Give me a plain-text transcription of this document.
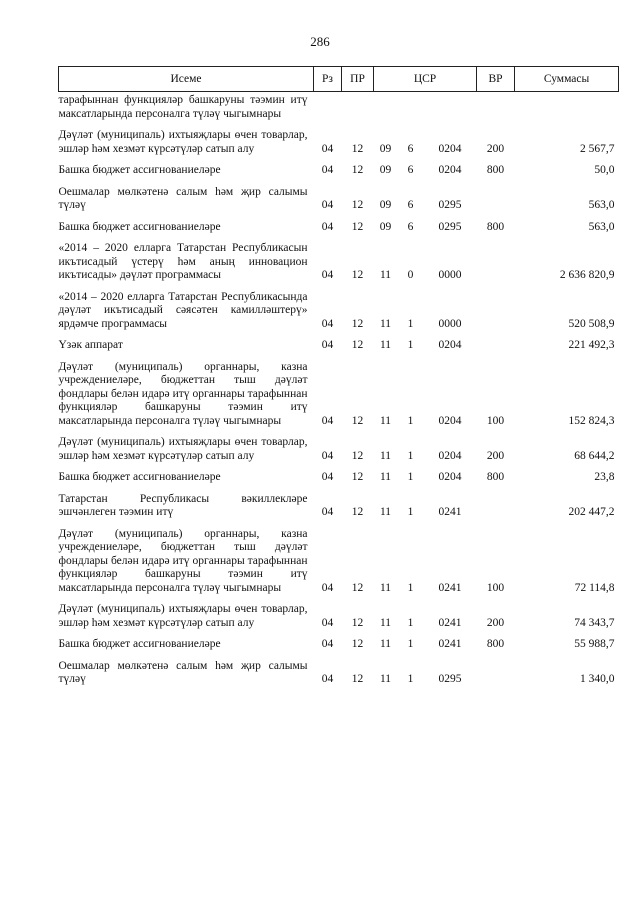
286
Исеме	Рз	ПР	ЦСР			ВР	Суммасы
тарафыннан функцияләр башкаруны тәэмин итү максатларында персоналга түләү чыгымнары							
Дәүләт (муниципаль) ихтыяҗлары өчен товарлар, эшләр һәм хезмәт күрсәтүләр сатып алу	04	12	09	6	0204	200	2 567,7
Башка бюджет ассигнованиеләре	04	12	09	6	0204	800	50,0
Оешмалар мөлкәтенә салым һәм җир салымы түләү	04	12	09	6	0295		563,0
Башка бюджет ассигнованиеләре	04	12	09	6	0295	800	563,0
«2014 – 2020 елларга Татарстан Республикасын икътисадый үстерү һәм аның инновацион икътисады» дәүләт программасы	04	12	11	0	0000		2 636 820,9
«2014 – 2020 елларга Татарстан Республикасында дәүләт икътисадый сәясәтен камилләштерү» ярдәмче программасы	04	12	11	1	0000		520 508,9
Үзәк аппарат	04	12	11	1	0204		221 492,3
Дәүләт (муниципаль) органнары, казна учреждениеләре, бюджеттан тыш дәүләт фондлары белән идарә итү органнары тарафыннан функцияләр башкаруны тәэмин итү максатларында персоналга түләү чыгымнары	04	12	11	1	0204	100	152 824,3
Дәүләт (муниципаль) ихтыяҗлары өчен товарлар, эшләр һәм хезмәт күрсәтүләр сатып алу	04	12	11	1	0204	200	68 644,2
Башка бюджет ассигнованиеләре	04	12	11	1	0204	800	23,8
Татарстан Республикасы вәкиллекләре эшчәнлеген тәэмин итү	04	12	11	1	0241		202 447,2
Дәүләт (муниципаль) органнары, казна учреждениеләре, бюджеттан тыш дәүләт фондлары белән идарә итү органнары тарафыннан функцияләр башкаруны тәэмин итү максатларында персоналга түләү чыгымнары	04	12	11	1	0241	100	72 114,8
Дәүләт (муниципаль) ихтыяҗлары өчен товарлар, эшләр һәм хезмәт күрсәтүләр сатып алу	04	12	11	1	0241	200	74 343,7
Башка бюджет ассигнованиеләре	04	12	11	1	0241	800	55 988,7
Оешмалар мөлкәтенә салым һәм җир салымы түләү	04	12	11	1	0295		1 340,0
